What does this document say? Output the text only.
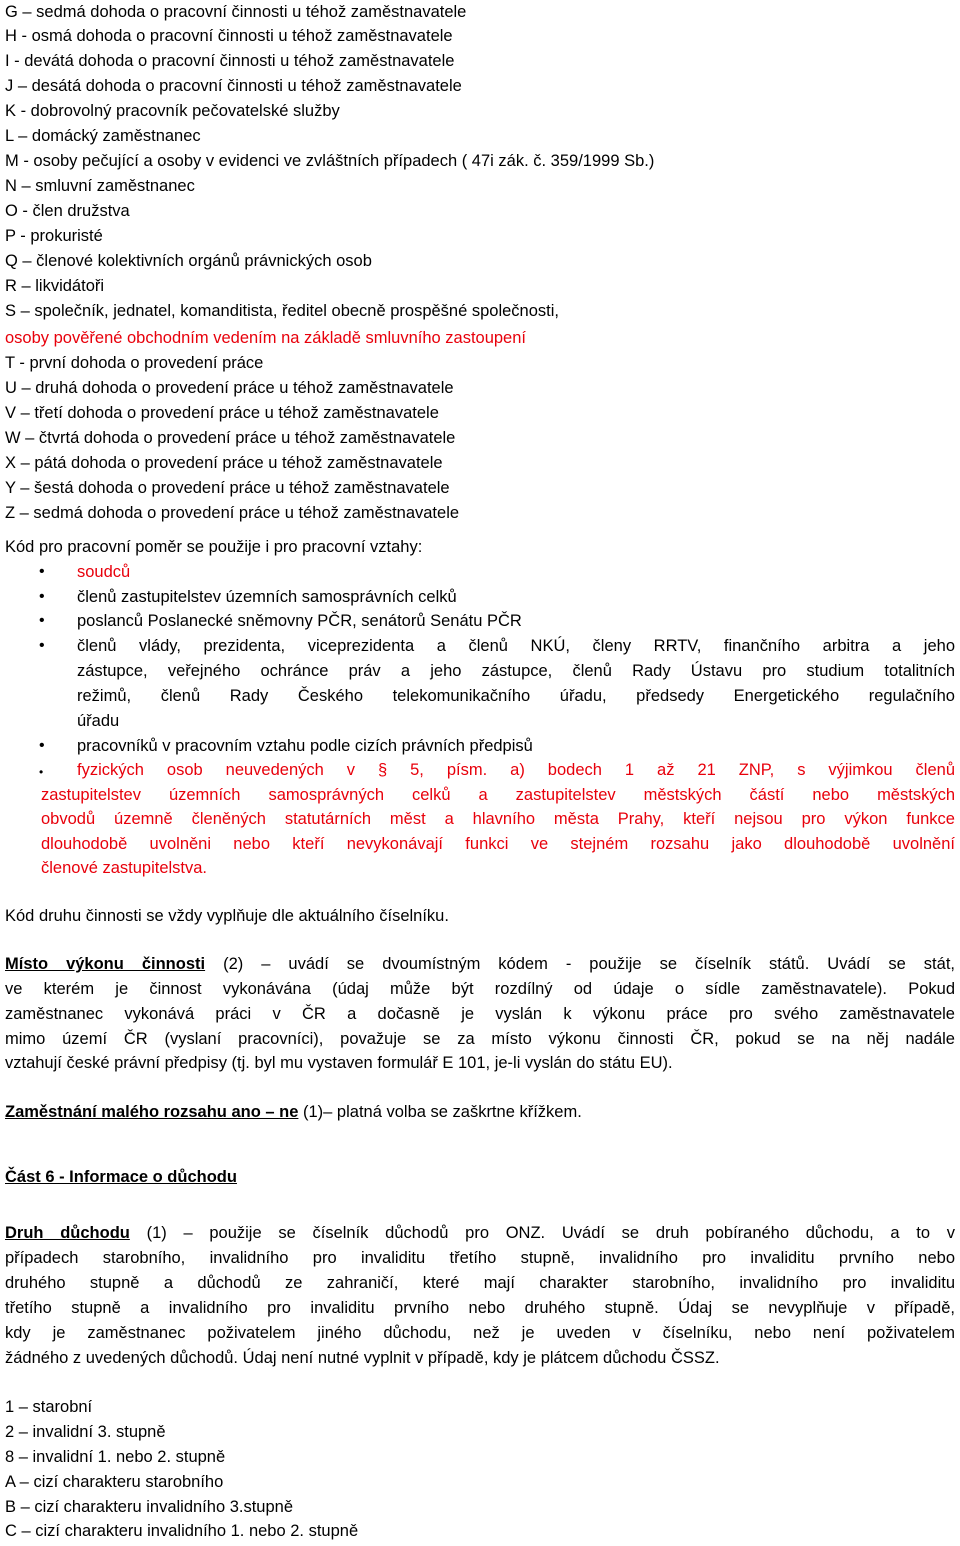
G – sedmá dohoda o pracovní činnosti u téhož zaměstnavatele
H - osmá dohoda o pracovní činnosti u téhož zaměstnavatele
I - devátá dohoda o pracovní činnosti u téhož zaměstnavatele
J – desátá dohoda o pracovní činnosti u téhož zaměstnavatele
K - dobrovolný pracovník pečovatelské služby
L – domácký zaměstnanec
M - osoby pečující a osoby v evidenci ve zvláštních případech ( 47i zák. č. 359/1999 Sb.)
N – smluvní zaměstnanec
O - člen družstva
P - prokuristé
Q – členové kolektivních orgánů právnických osob
R – likvidátoři
S – společník, jednatel, komanditista, ředitel obecně prospěšné společnosti,
osoby pověřené obchodním vedením na základě smluvního zastoupení
T - první dohoda o provedení práce
U – druhá dohoda o provedení práce u téhož zaměstnavatele
V – třetí dohoda o provedení práce u téhož zaměstnavatele
W – čtvrtá dohoda o provedení práce u téhož zaměstnavatele
X – pátá dohoda o provedení práce u téhož zaměstnavatele
Y – šestá dohoda o provedení práce u téhož zaměstnavatele
Z – sedmá dohoda o provedení práce u téhož zaměstnavatele
Kód pro pracovní poměr se použije i pro pracovní vztahy:
• soudců
• členů zastupitelstev územních samosprávních celků
• poslanců Poslanecké sněmovny PČR, senátorů Senátu PČR
• členů vlády, prezidenta, viceprezidenta a členů NKÚ, členy RRTV, finančního arbitra a jeho
zástupce, veřejného ochránce práv a jeho zástupce, členů Rady Ústavu pro studium totalitních
režimů, členů Rady Českého telekomunikačního úřadu, předsedy Energetického regulačního
úřadu
• pracovníků v pracovním vztahu podle cizích právních předpisů
• fyzických osob neuvedených v § 5, písm. a) bodech 1 až 21 ZNP, s výjimkou členů
zastupitelstev územních samosprávných celků a zastupitelstev městských částí nebo městských
obvodů územně členěných statutárních měst a hlavního města Prahy, kteří nejsou pro výkon funkce
dlouhodobě uvolněni nebo kteří nevykonávají funkci ve stejném rozsahu jako dlouhodobě uvolnění
členové zastupitelstva.
Kód druhu činnosti se vždy vyplňuje dle aktuálního číselníku.
Místo výkonu činnosti (2) – uvádí se dvoumístným kódem - použije se číselník států. Uvádí se stát,
ve kterém je činnost vykonávána (údaj může být rozdílný od údaje o sídle zaměstnavatele). Pokud
zaměstnanec vykonává práci v ČR a dočasně je vyslán k výkonu práce pro svého zaměstnavatele
mimo území ČR (vyslaní pracovníci), považuje se za místo výkonu činnosti ČR, pokud se na něj nadále
vztahují české právní předpisy (tj. byl mu vystaven formulář E 101, je-li vyslán do státu EU).
Zaměstnání malého rozsahu ano – ne (1)– platná volba se zaškrtne křížkem.
Část 6 - Informace o důchodu
Druh důchodu (1) – použije se číselník důchodů pro ONZ. Uvádí se druh pobíraného důchodu, a to v
případech starobního, invalidního pro invaliditu třetího stupně, invalidního pro invaliditu prvního nebo
druhého stupně a důchodů ze zahraničí, které mají charakter starobního, invalidního pro invaliditu
třetího stupně a invalidního pro invaliditu prvního nebo druhého stupně. Údaj se nevyplňuje v případě,
kdy je zaměstnanec poživatelem jiného důchodu, než je uveden v číselníku, nebo není poživatelem
žádného z uvedených důchodů. Údaj není nutné vyplnit v případě, kdy je plátcem důchodu ČSSZ.
1 – starobní
2 – invalidní 3. stupně
8 – invalidní 1. nebo 2. stupně
A – cizí charakteru starobního
B – cizí charakteru invalidního 3.stupně
C – cizí charakteru invalidního 1. nebo 2. stupně
